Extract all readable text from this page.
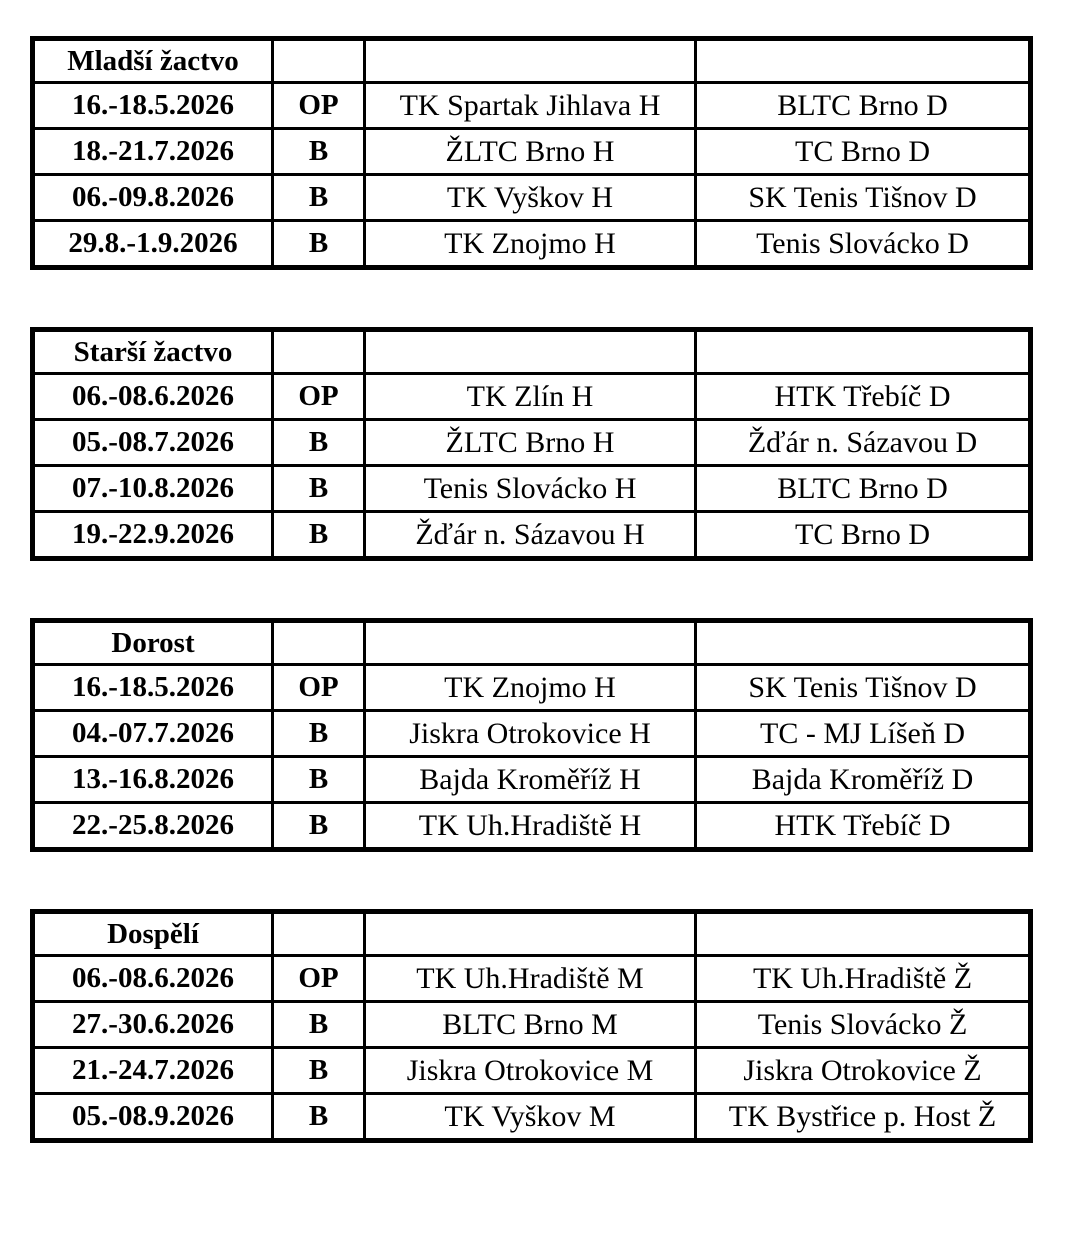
Mladší žactvo			
16.-18.5.2026	OP	TK Spartak Jihlava H	BLTC Brno D
18.-21.7.2026	B	ŽLTC Brno H	TC Brno D
06.-09.8.2026	B	TK Vyškov H	SK Tenis Tišnov D
29.8.-1.9.2026	B	TK Znojmo H	Tenis Slovácko D
Starší žactvo			
06.-08.6.2026	OP	TK Zlín H	HTK Třebíč D
05.-08.7.2026	B	ŽLTC Brno H	Žďár n. Sázavou D
07.-10.8.2026	B	Tenis Slovácko H	BLTC Brno D
19.-22.9.2026	B	Žďár n. Sázavou H	TC Brno D
Dorost			
16.-18.5.2026	OP	TK Znojmo H	SK Tenis Tišnov D
04.-07.7.2026	B	Jiskra Otrokovice H	TC - MJ Líšeň D
13.-16.8.2026	B	Bajda Kroměříž H	Bajda Kroměříž D
22.-25.8.2026	B	TK Uh.Hradiště H	HTK Třebíč D
Dospělí			
06.-08.6.2026	OP	TK Uh.Hradiště M	TK Uh.Hradiště Ž
27.-30.6.2026	B	BLTC Brno M	Tenis Slovácko Ž
21.-24.7.2026	B	Jiskra Otrokovice M	Jiskra Otrokovice Ž
05.-08.9.2026	B	TK Vyškov M	TK Bystřice p. Host Ž
